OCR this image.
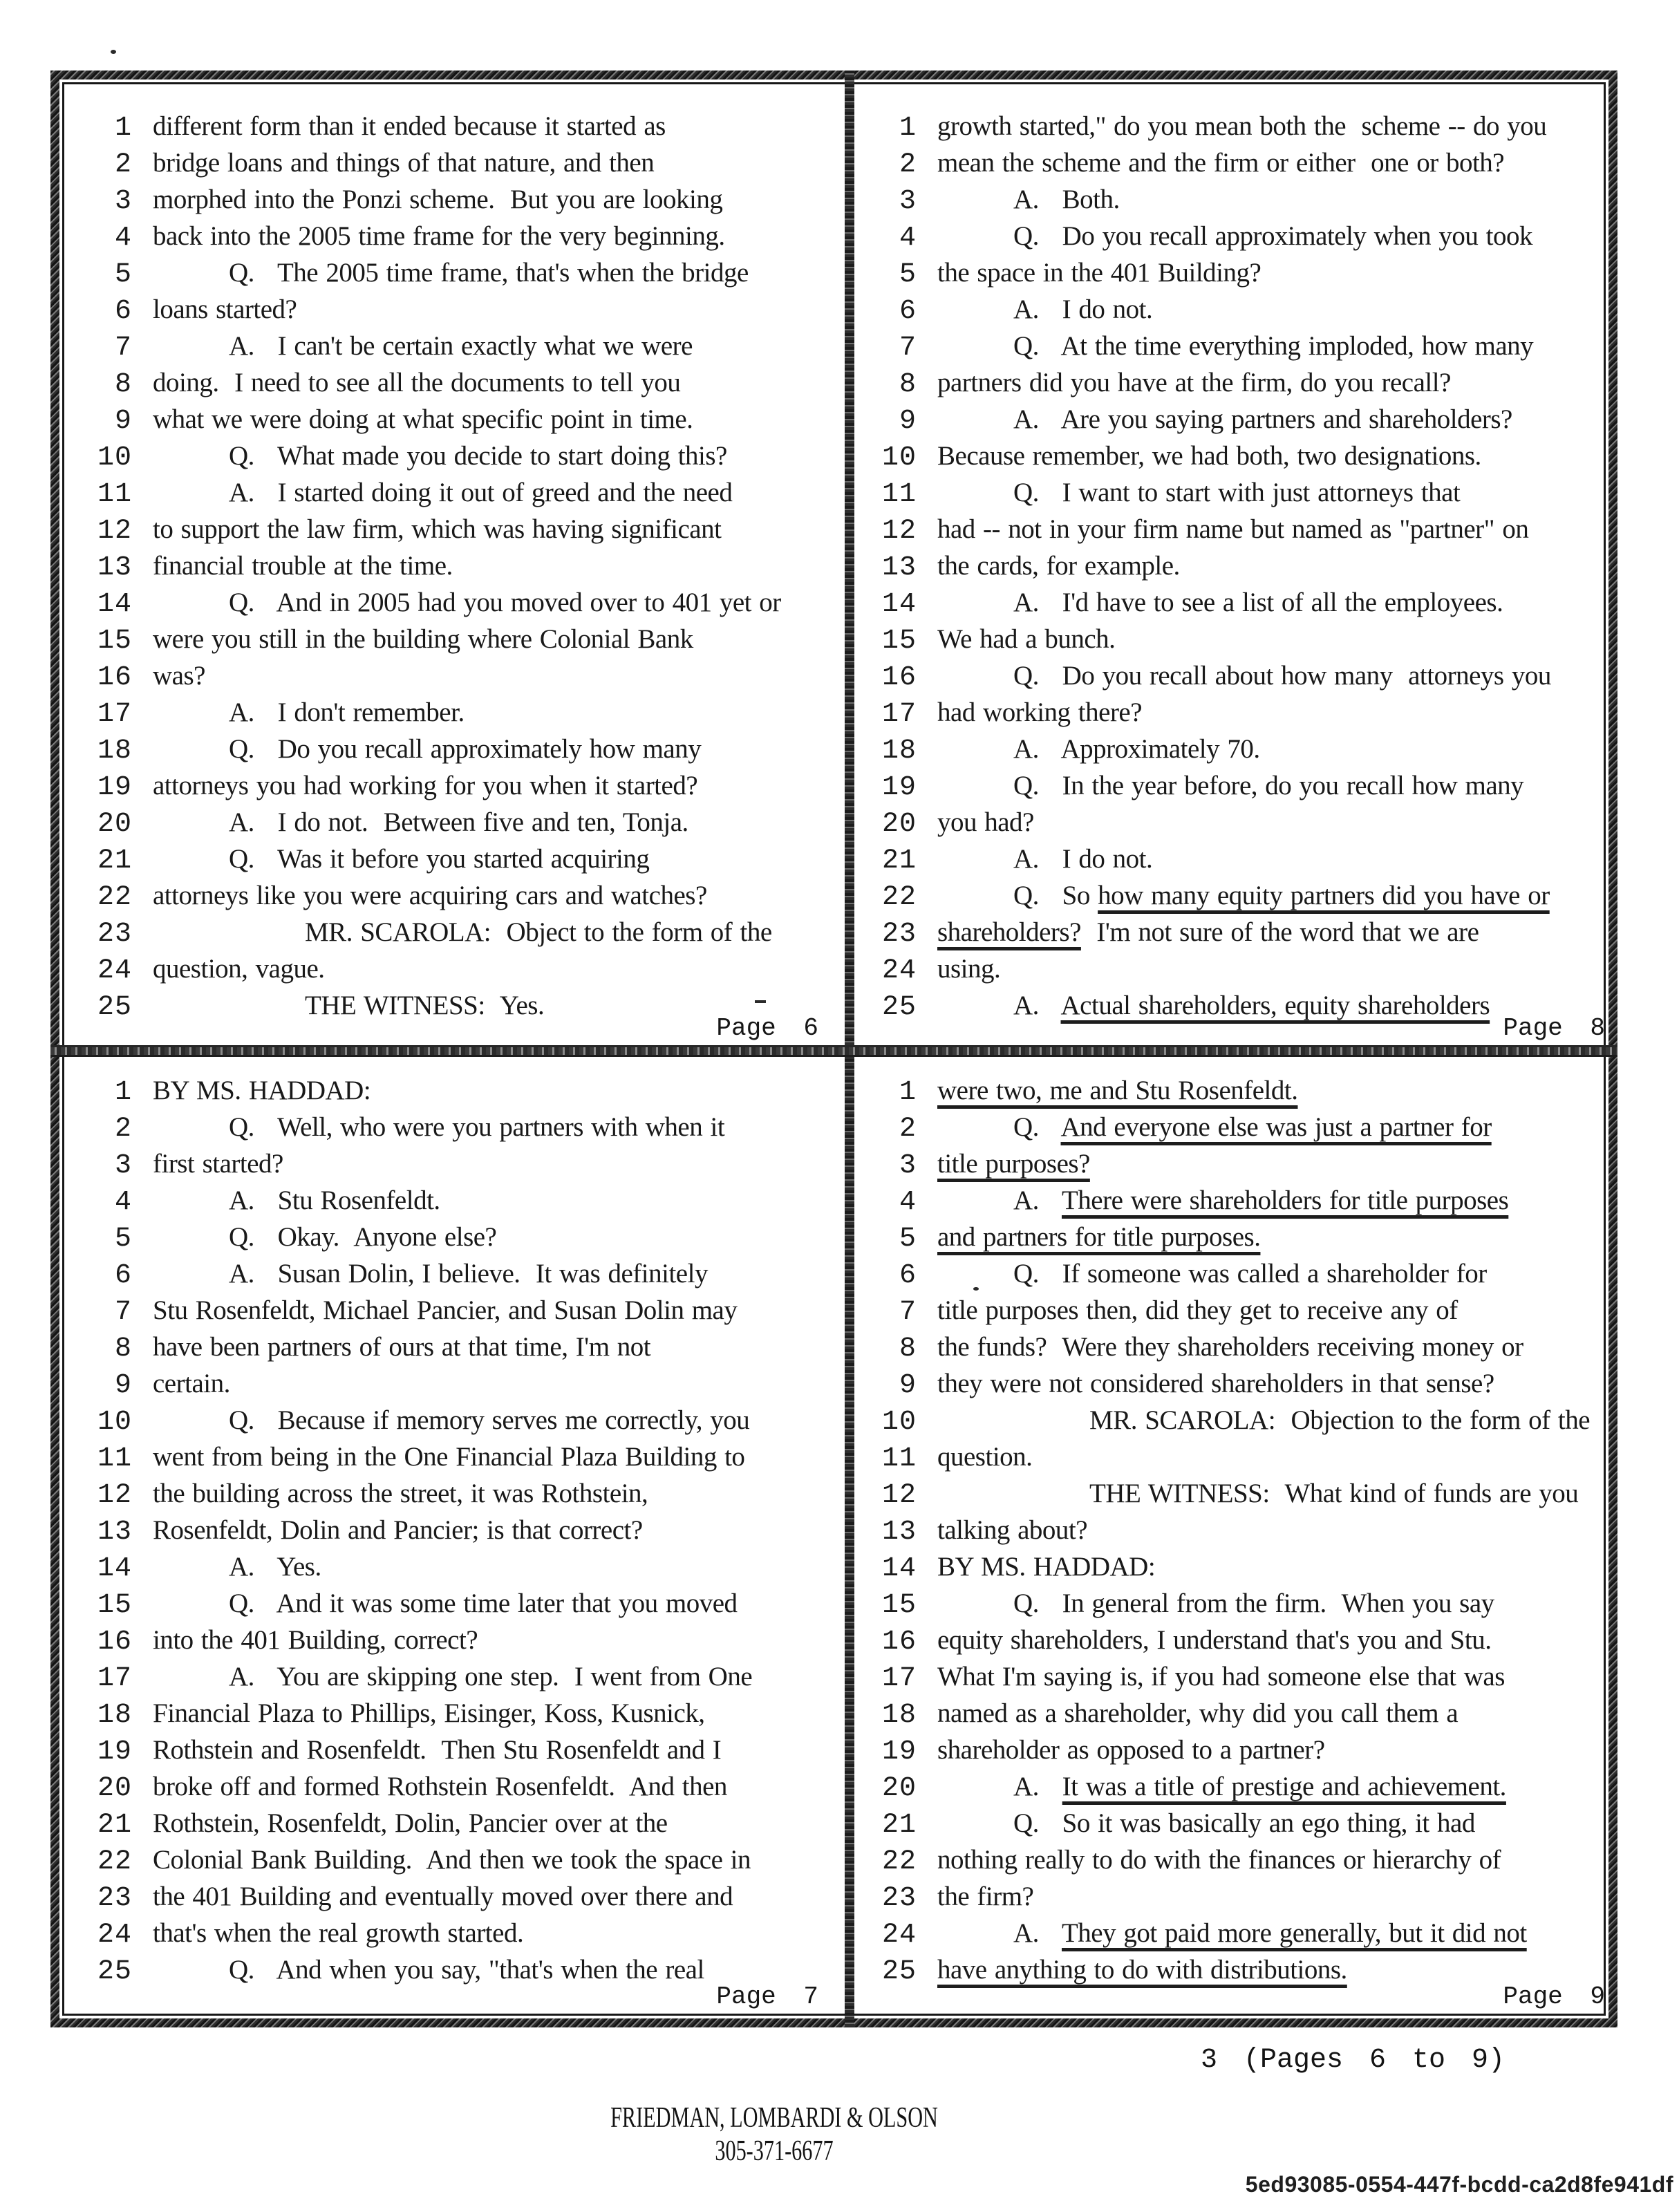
1 different form than it ended because it started as
2 bridge loans and things of that nature, and then
3 morphed into the Ponzi scheme.  But you are looking
4 back into the 2005 time frame for the very beginning.
5	Q.   The 2005 time frame, that's when the bridge
6 loans started?
7	A.   I can't be certain exactly what we were
8 doing.  I need to see all the documents to tell you
9 what we were doing at what specific point in time.
10	Q.   What made you decide to start doing this?
11	A.   I started doing it out of greed and the need
12 to support the law firm, which was having significant
13 financial trouble at the time.
14	Q.   And in 2005 had you moved over to 401 yet or
15 were you still in the building where Colonial Bank
16 was?
17	A.   I don't remember.
18	Q.   Do you recall approximately how many
19 attorneys you had working for you when it started?
20	A.   I do not.  Between five and ten, Tonja.
21	Q.   Was it before you started acquiring
22 attorneys like you were acquiring cars and watches?
23	MR. SCAROLA:  Object to the form of the
24 question, vague.
25	THE WITNESS:  Yes.
Page 6
1 growth started," do you mean both the  scheme -- do you
2 mean the scheme and the firm or either  one or both?
3	A.   Both.
4	Q.   Do you recall approximately when you took
5 the space in the 401 Building?
6	A.   I do not.
7	Q.   At the time everything imploded, how many
8 partners did you have at the firm, do you recall?
9	A.   Are you saying partners and shareholders?
10 Because remember, we had both, two designations.
11	Q.   I want to start with just attorneys that
12 had -- not in your firm name but named as "partner" on
13 the cards, for example.
14	A.   I'd have to see a list of all the employees.
15 We had a bunch.
16	Q.   Do you recall about how many  attorneys you
17 had working there?
18	A.   Approximately 70.
19	Q.   In the year before, do you recall how many
20 you had?
21	A.   I do not.
22	Q.   So how many equity partners did you have or
23 shareholders?  I'm not sure of the word that we are
24 using.
25	A.   Actual shareholders, equity shareholders
Page 8
1 BY MS. HADDAD:
2	Q.   Well, who were you partners with when it
3 first started?
4	A.   Stu Rosenfeldt.
5	Q.   Okay.  Anyone else?
6	A.   Susan Dolin, I believe.  It was definitely
7 Stu Rosenfeldt, Michael Pancier, and Susan Dolin may
8 have been partners of ours at that time, I'm not
9 certain.
10	Q.   Because if memory serves me correctly, you
11 went from being in the One Financial Plaza Building to
12 the building across the street, it was Rothstein,
13 Rosenfeldt, Dolin and Pancier; is that correct?
14	A.   Yes.
15	Q.   And it was some time later that you moved
16 into the 401 Building, correct?
17	A.   You are skipping one step.  I went from One
18 Financial Plaza to Phillips, Eisinger, Koss, Kusnick,
19 Rothstein and Rosenfeldt.  Then Stu Rosenfeldt and I
20 broke off and formed Rothstein Rosenfeldt.  And then
21 Rothstein, Rosenfeldt, Dolin, Pancier over at the
22 Colonial Bank Building.  And then we took the space in
23 the 401 Building and eventually moved over there and
24 that's when the real growth started.
25	Q.   And when you say, "that's when the real
Page 7
1 were two, me and Stu Rosenfeldt.
2	Q.   And everyone else was just a partner for
3 title purposes?
4	A.   There were shareholders for title purposes
5 and partners for title purposes.
6	Q.   If someone was called a shareholder for
7 title purposes then, did they get to receive any of
8 the funds?  Were they shareholders receiving money or
9 they were not considered shareholders in that sense?
10	MR. SCAROLA:  Objection to the form of the
11 question.
12	THE WITNESS:  What kind of funds are you
13 talking about?
14 BY MS. HADDAD:
15	Q.   In general from the firm.  When you say
16 equity shareholders, I understand that's you and Stu.
17 What I'm saying is, if you had someone else that was
18 named as a shareholder, why did you call them a
19 shareholder as opposed to a partner?
20	A.   It was a title of prestige and achievement.
21	Q.   So it was basically an ego thing, it had
22 nothing really to do with the finances or hierarchy of
23 the firm?
24	A.   They got paid more generally, but it did not
25 have anything to do with distributions.
Page 9
3 (Pages 6 to 9)
FRIEDMAN, LOMBARDI & OLSON
305-371-6677
5ed93085-0554-447f-bcdd-ca2d8fe941df
